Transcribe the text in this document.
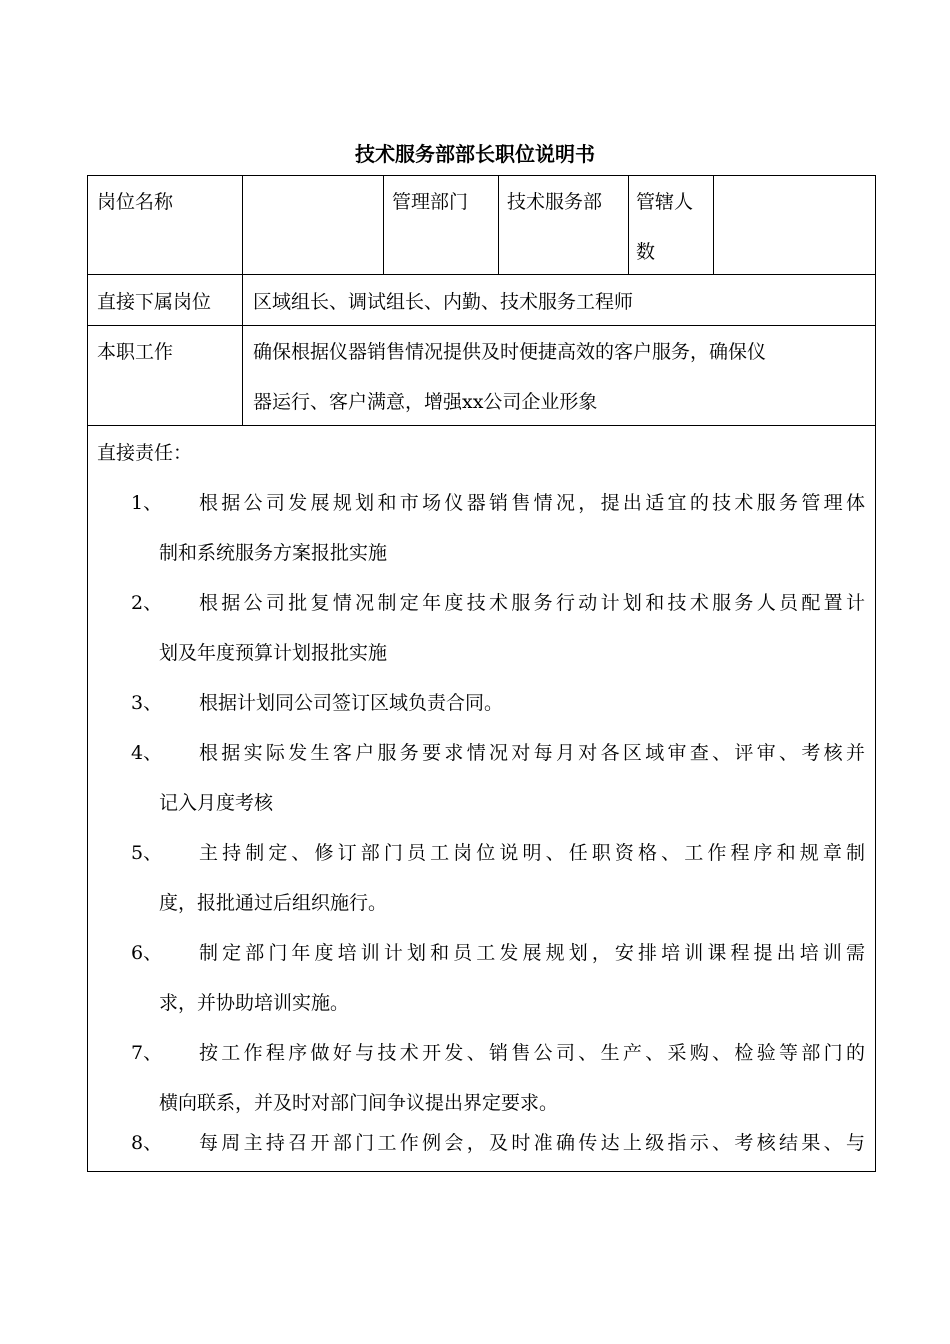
技术服务部部长职位说明书
岗位名称	管理部门 技术服务部 管辖人
数
直接下属岗位 区域组长、调试组长、内勤、技术服务工程师
本职工作	确保根据仪器销售情况提供及时便捷高效的客户服务，确保仪
器运行、客户满意，增强xx公司企业形象
直接责任：
1、 根据公司发展规划和市场仪器销售情况，提出适宜的技术服务管理体
制和系统服务方案报批实施
2、 根据公司批复情况制定年度技术服务行动计划和技术服务人员配置计
划及年度预算计划报批实施
3、 根据计划同公司签订区域负责合同。
4、 根据实际发生客户服务要求情况对每月对各区域审查、评审、考核并
记入月度考核
5、 主持制定、修订部门员工岗位说明、任职资格、工作程序和规章制
度，报批通过后组织施行。
6、 制定部门年度培训计划和员工发展规划，安排培训课程提出培训需
求，并协助培训实施。
7、 按工作程序做好与技术开发、销售公司、生产、采购、检验等部门的
横向联系，并及时对部门间争议提出界定要求。
8、 每周主持召开部门工作例会，及时准确传达上级指示、考核结果、与
